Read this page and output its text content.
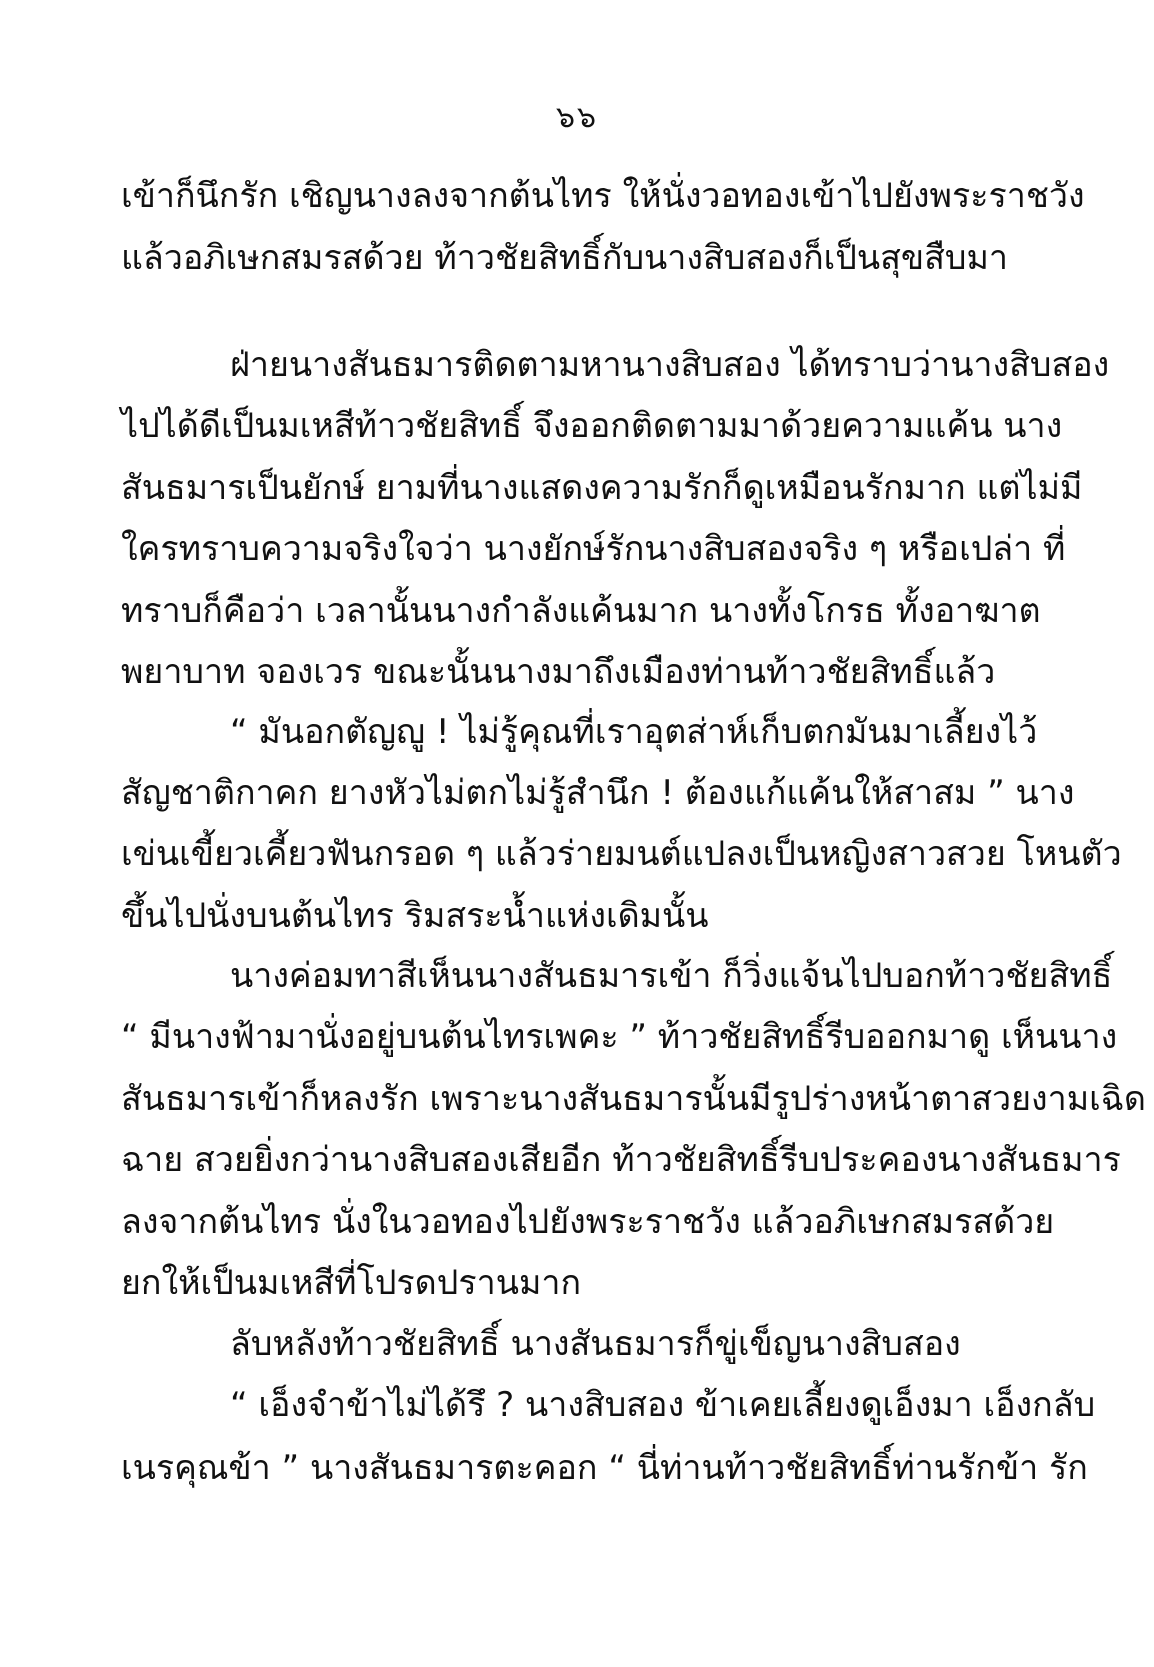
๖๖
เข้าก็นึกรัก เชิญนางลงจากต้นไทร ให้นั่งวอทองเข้าไปยังพระราชวัง
แล้วอภิเษกสมรสด้วย ท้าวชัยสิทธิ์กับนางสิบสองก็เป็นสุขสืบมา
ฝ่ายนางสันธมารติดตามหานางสิบสอง ได้ทราบว่านางสิบสอง
ไปได้ดีเป็นมเหสีท้าวชัยสิทธิ์ จึงออกติดตามมาด้วยความแค้น นาง
สันธมารเป็นยักษ์ ยามที่นางแสดงความรักก็ดูเหมือนรักมาก แต่ไม่มี
ใครทราบความจริงใจว่า นางยักษ์รักนางสิบสองจริง ๆ หรือเปล่า ที่
ทราบก็คือว่า เวลานั้นนางกำลังแค้นมาก นางทั้งโกรธ ทั้งอาฆาต
พยาบาท จองเวร ขณะนั้นนางมาถึงเมืองท่านท้าวชัยสิทธิ์แล้ว
“ มันอกตัญญู ! ไม่รู้คุณที่เราอุตส่าห์เก็บตกมันมาเลี้ยงไว้
สัญชาติกาคก ยางหัวไม่ตกไม่รู้สำนึก ! ต้องแก้แค้นให้สาสม ” นาง
เข่นเขี้ยวเคี้ยวฟันกรอด ๆ แล้วร่ายมนต์แปลงเป็นหญิงสาวสวย โหนตัว
ขึ้นไปนั่งบนต้นไทร ริมสระน้ำแห่งเดิมนั้น
นางค่อมทาสีเห็นนางสันธมารเข้า ก็วิ่งแจ้นไปบอกท้าวชัยสิทธิ์
“ มีนางฟ้ามานั่งอยู่บนต้นไทรเพคะ ” ท้าวชัยสิทธิ์รีบออกมาดู เห็นนาง
สันธมารเข้าก็หลงรัก เพราะนางสันธมารนั้นมีรูปร่างหน้าตาสวยงามเฉิด
ฉาย สวยยิ่งกว่านางสิบสองเสียอีก ท้าวชัยสิทธิ์รีบประคองนางสันธมาร
ลงจากต้นไทร นั่งในวอทองไปยังพระราชวัง แล้วอภิเษกสมรสด้วย
ยกให้เป็นมเหสีที่โปรดปรานมาก
ลับหลังท้าวชัยสิทธิ์ นางสันธมารก็ขู่เข็ญนางสิบสอง
“ เอ็งจำข้าไม่ได้รึ ? นางสิบสอง ข้าเคยเลี้ยงดูเอ็งมา เอ็งกลับ
เนรคุณข้า ” นางสันธมารตะคอก “ นี่ท่านท้าวชัยสิทธิ์ท่านรักข้า รัก
